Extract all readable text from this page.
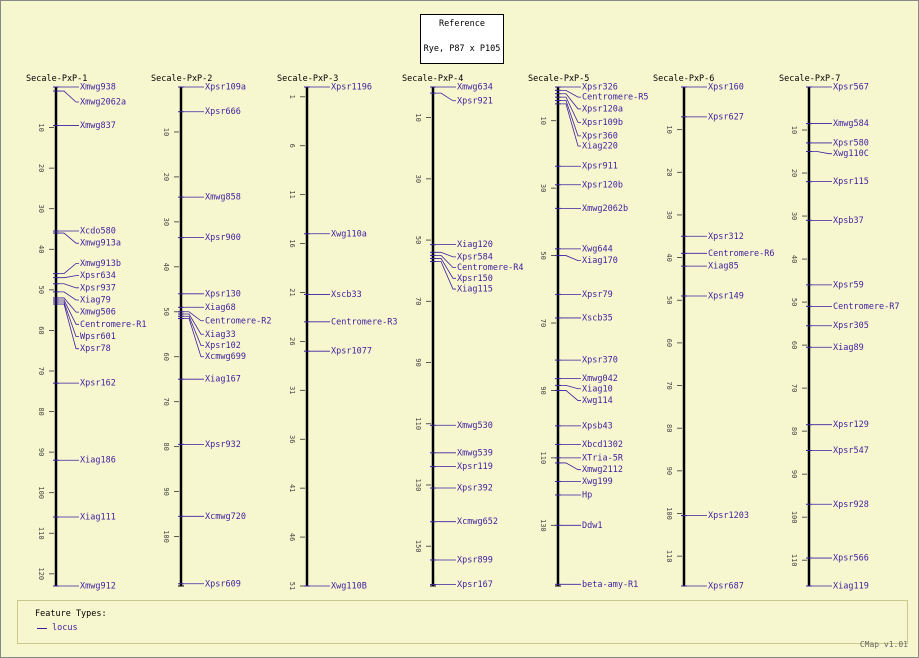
Secale-PxP-1
10
20
30
40
50
60
70
80
90
100
110
120
Xmwg938
Xmwg2062a
Xmwg837
Xcdo580
Xmwg913a
Xmwg913b
Xpsr634
Xpsr937
Xiag79
Xmwg506
Centromere-R1
Wpsr601
Xpsr78
Xpsr162
Xiag186
Xiag111
Xmwg912
Secale-PxP-2
10
20
30
40
50
60
70
80
90
100
Xpsr109a
Xpsr666
Xmwg858
Xpsr900
Xpsr130
Xiag68
Centromere-R2
Xiag33
Xpsr102
Xcmwg699
Xiag167
Xpsr932
Xcmwg720
Xpsr609
Secale-PxP-3
1
6
11
16
21
26
31
36
41
46
51
Xpsr1196
Xwg110a
Xscb33
Centromere-R3
Xpsr1077
Xwg110B
Secale-PxP-4
10
30
50
70
90
110
130
150
Xmwg634
Xpsr921
Xiag120
Xpsr584
Centromere-R4
Xpsr150
Xiag115
Xmwg530
Xmwg539
Xpsr119
Xpsr392
Xcmwg652
Xpsr899
Xpsr167
Secale-PxP-5
10
30
50
70
90
110
130
Xpsr326
Centromere-R5
Xpsr120a
Xpsr109b
Xpsr360
Xiag220
Xpsr911
Xpsr120b
Xmwg2062b
Xwg644
Xiag170
Xpsr79
Xscb35
Xpsr370
Xmwg042
Xiag10
Xwg114
Xpsb43
Xbcd1302
XTria-5R
Xmwg2112
Xwg199
Hp
Ddw1
beta-amy-R1
Secale-PxP-6
10
20
30
40
50
60
70
80
90
100
110
Xpsr160
Xpsr627
Xpsr312
Centromere-R6
Xiag85
Xpsr149
Xpsr1203
Xpsr687
Secale-PxP-7
10
20
30
40
50
60
70
80
90
100
110
Xpsr567
Xmwg584
Xpsr580
Xwg110C
Xpsr115
Xpsb37
Xpsr59
Centromere-R7
Xpsr305
Xiag89
Xpsr129
Xpsr547
Xpsr928
Xpsr566
Xiag119
Reference
Rye, P87 x P105
Feature Types:
locus
CMap v1.01
